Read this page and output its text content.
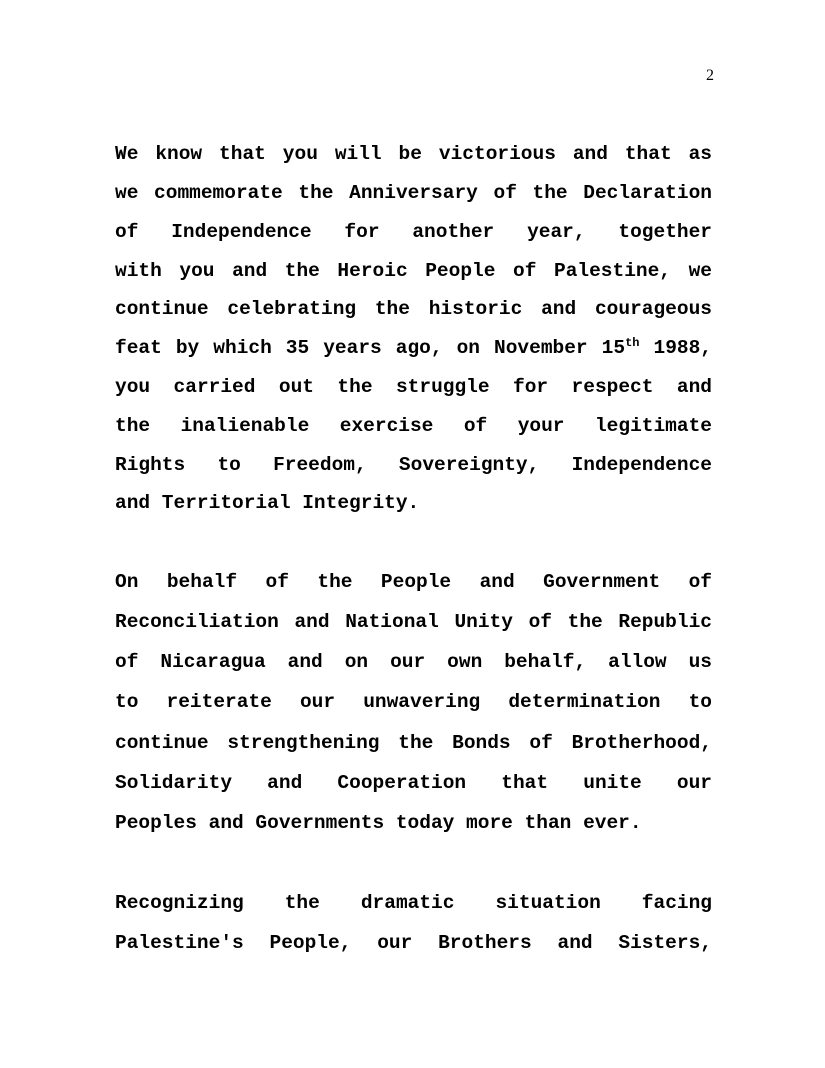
2
We know that you will be victorious and that as
we commemorate the Anniversary of the Declaration
of Independence for another year, together
with you and the Heroic People of Palestine, we
continue celebrating the historic and courageous
feat by which 35 years ago, on November 15th 1988,
you carried out the struggle for respect and
the inalienable exercise of your legitimate
Rights to Freedom, Sovereignty, Independence
and Territorial Integrity.
On behalf of the People and Government of
Reconciliation and National Unity of the Republic
of Nicaragua and on our own behalf, allow us
to reiterate our unwavering determination to
continue strengthening the Bonds of Brotherhood,
Solidarity and Cooperation that unite our
Peoples and Governments today more than ever.
Recognizing the dramatic situation facing
Palestine's People, our Brothers and Sisters,
